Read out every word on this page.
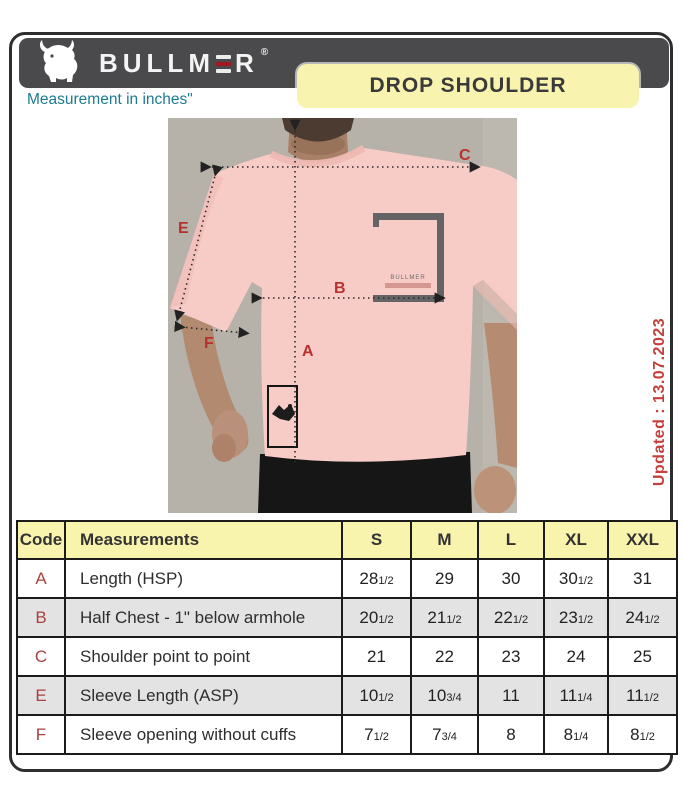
BULLM R ®
Measurement in inches"
DROP SHOULDER
BULLMER
C
A
B
E
F	Updated : 13.07.2023
Code	Measurements	S	M	L	XL	XXL
A	Length (HSP)	281/2	29	30	301/2	31
B	Half Chest - 1" below armhole	201/2	211/2	221/2	231/2	241/2
C	Shoulder point to point	21	22	23	24	25
E	Sleeve Length (ASP)	101/2	103/4	11	111/4	111/2
F	Sleeve opening without cuffs	71/2	73/4	8	81/4	81/2
